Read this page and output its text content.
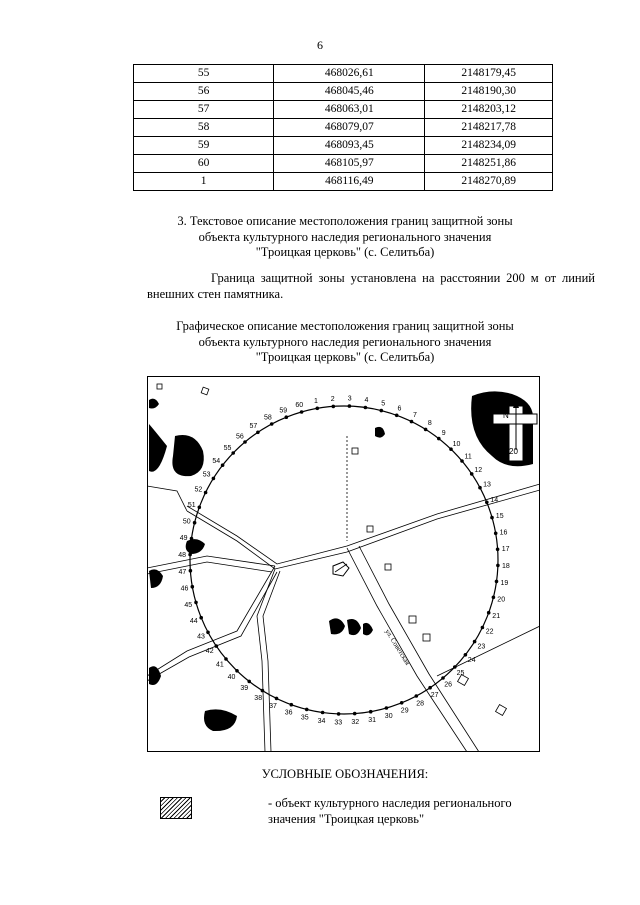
6
55	468026,61	2148179,45
56	468045,46	2148190,30
57	468063,01	2148203,12
58	468079,07	2148217,78
59	468093,45	2148234,09
60	468105,97	2148251,86
1	468116,49	2148270,89
3. Текстовое описание местоположения границ защитной зоны
объекта культурного наследия регионального значения
"Троицкая церковь" (с. Селитьба)
Граница защитной зоны установлена на расстоянии 200 м от линий внешних стен памятника.
Графическое описание местоположения границ защитной зоны
объекта культурного наследия регионального значения
"Троицкая церковь" (с. Селитьба)
N
20
ул. Советская
1 2 3 4 5
6
7
8
9
10
11
12
13
14
15
16
17
18
19
20
21
22
23
24
25
26
27
28
29
30
31
32
33
34
35
36
37
38
39
40
41
42
43
44
45
46
47
48
49
50
51
52
53
54
55
56
57
58
59
60
УСЛОВНЫЕ ОБОЗНАЧЕНИЯ:
- объект культурного наследия регионального
значения "Троицкая церковь"
